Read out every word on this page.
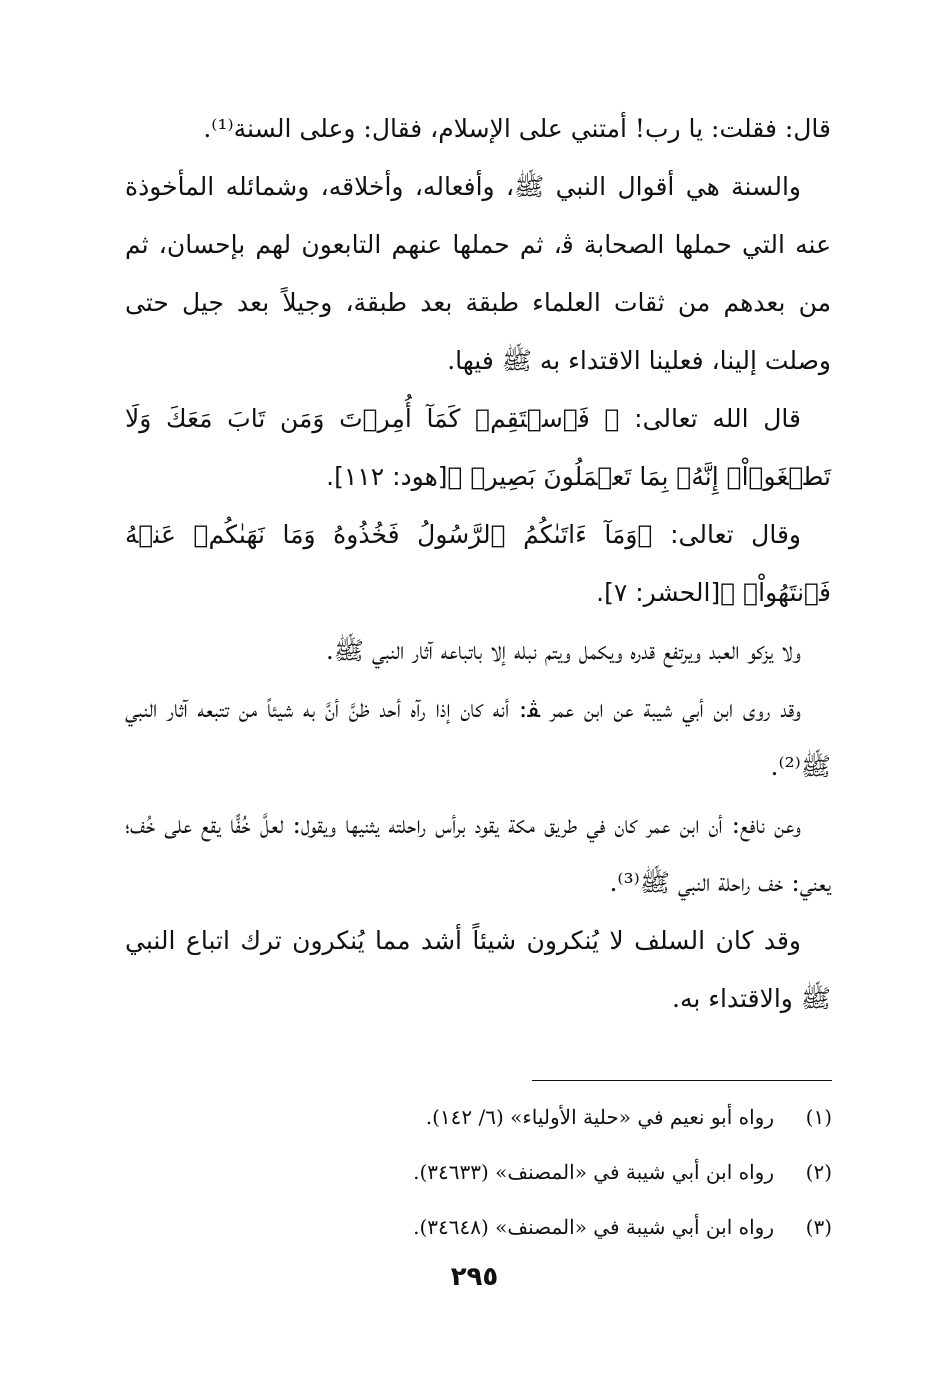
قال: فقلت: يا رب! أمتني على الإسلام، فقال: وعلى السنة⁽¹⁾.

والسنة هي أقوال النبي ﷺ، وأفعاله، وأخلاقه، وشمائله المأخوذة عنه التي حملها الصحابة ﭬ، ثم حملها عنهم التابعون لهم بإحسان، ثم من بعدهم من ثقات العلماء طبقة بعد طبقة، وجيلاً بعد جيل حتى وصلت إلينا، فعلينا الاقتداء به ﷺ فيها.

قال الله تعالى: ﴿ فَٱسۡتَقِمۡ كَمَآ أُمِرۡتَ وَمَن تَابَ مَعَكَ وَلَا تَطۡغَوۡاْۚ إِنَّهُۥ بِمَا تَعۡمَلُونَ بَصِيرٞ ﴾[هود: ١١٢].

وقال تعالى: ﴿وَمَآ ءَاتَىٰكُمُ ٱلرَّسُولُ فَخُذُوهُ وَمَا نَهَىٰكُمۡ عَنۡهُ فَٱنتَهُواْۚ ﴾[الحشر: ٧].

ولا يزكو العبد ويرتفع قدره ويكمل ويتم نبله إلا باتباعه آثار النبي ﷺ.

وقد روى ابن أبي شيبة عن ابن عمر ﭭ: أنه كان إذا رآه أحد ظنَّ أنَّ به شيئاً من تتبعه آثار النبي ﷺ⁽²⁾.

وعن نافع: أن ابن عمر كان في طريق مكة يقود برأس راحلته يثنيها ويقول: لعلَّ خُفًّا يقع على خُف؛ يعني: خف راحلة النبي ﷺ⁽³⁾.

وقد كان السلف لا يُنكرون شيئاً أشد مما يُنكرون ترك اتباع النبي ﷺ والاقتداء به.

(١)
رواه أبو نعيم في «حلية الأولياء» (٦/ ١٤٢).
(٢)
رواه ابن أبي شيبة في «المصنف» (٣٤٦٣٣).
(٣)
رواه ابن أبي شيبة في «المصنف» (٣٤٦٤٨).
٢٩٥
